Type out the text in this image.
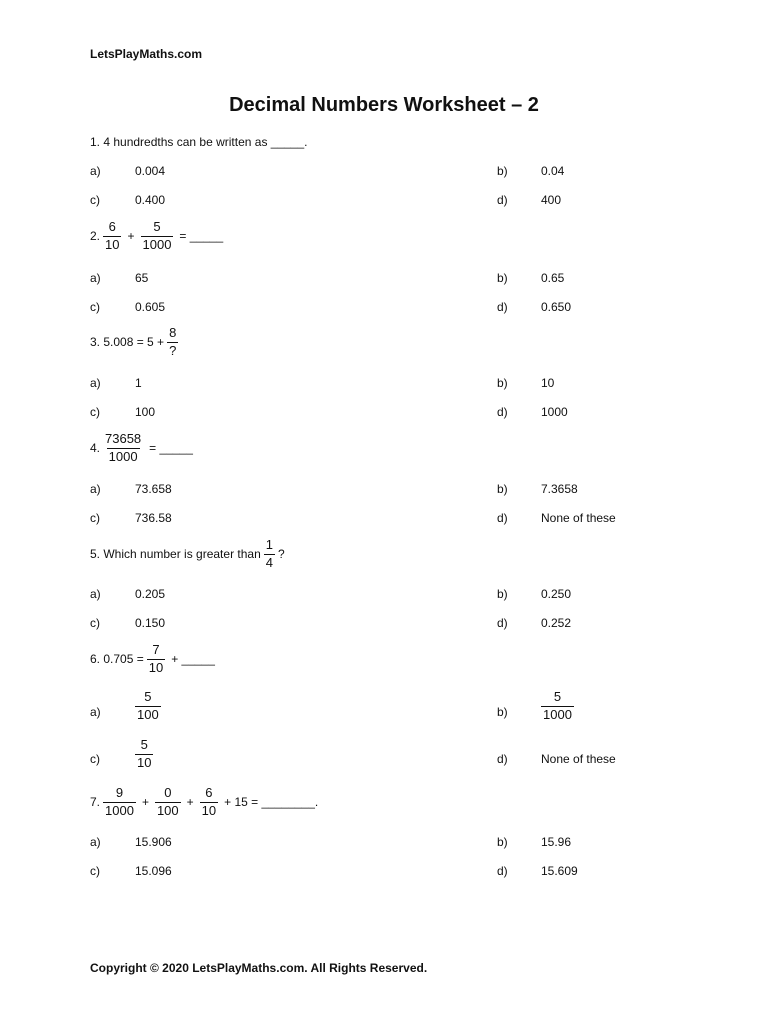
LetsPlayMaths.com
Decimal Numbers Worksheet – 2
1. 4 hundredths can be written as _____.
a)	0.004	b)	0.04
c)	0.400	d)	400
2. $\frac{6}{10} + \frac{5}{1000}$ = _____
a)	65	b)	0.65
c)	0.605	d)	0.650
3. $5.008 = 5 + \frac{8}{?}$
a)	1	b)	10
c)	100	d)	1000
4. $\frac{73658}{1000}$ = _____
a)	73.658	b)	7.3658
c)	736.58	d)	None of these
5. Which number is greater than $\frac{1}{4}$ ?
a)	0.205	b)	0.250
c)	0.150	d)	0.252
6. $0.705 = \frac{7}{10}$ + _____
a)	$\frac{5}{100}$	b)	$\frac{5}{1000}$
c)	$\frac{5}{10}$	d)	None of these
7. $\frac{9}{1000} + \frac{0}{100} + \frac{6}{10} + 15$ = ________.
a)	15.906	b)	15.96
c)	15.096	d)	15.609
Copyright © 2020 LetsPlayMaths.com. All Rights Reserved.
